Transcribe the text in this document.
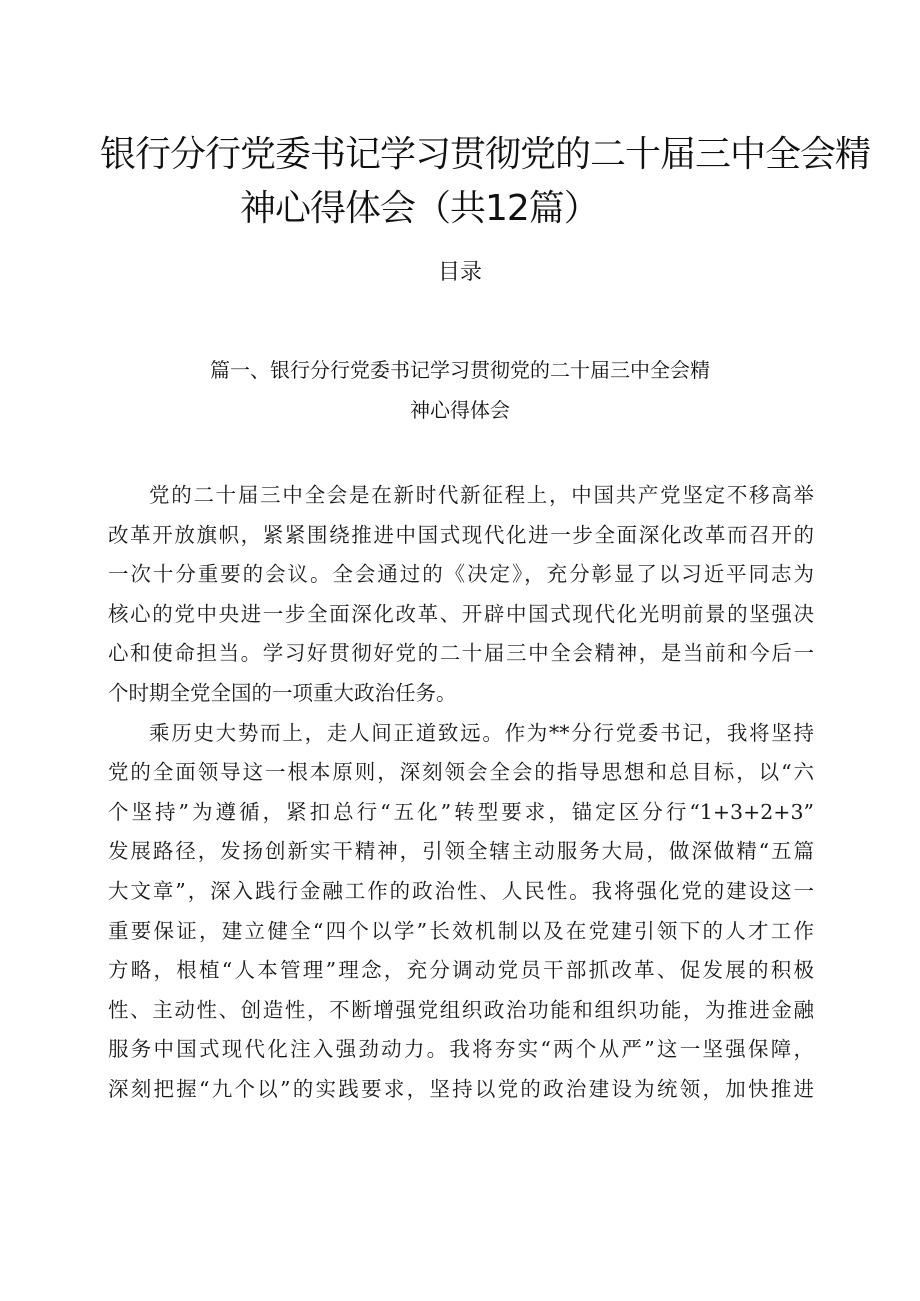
银行分行党委书记学习贯彻党的二十届三中全会精
神心得体会（共12篇）
目录
篇一、银行分行党委书记学习贯彻党的二十届三中全会精
神心得体会

党的二十届三中全会是在新时代新征程上，中国共产党坚定不移高举
改革开放旗帜，紧紧围绕推进中国式现代化进一步全面深化改革而召开的
一次十分重要的会议。全会通过的《决定》，充分彰显了以习近平同志为
核心的党中央进一步全面深化改革、开辟中国式现代化光明前景的坚强决
心和使命担当。学习好贯彻好党的二十届三中全会精神，是当前和今后一
个时期全党全国的一项重大政治任务。

乘历史大势而上，走人间正道致远。作为**分行党委书记，我将坚持
党的全面领导这一根本原则，深刻领会全会的指导思想和总目标，以“六
个坚持”为遵循，紧扣总行“五化”转型要求，锚定区分行“1+3+2+3”
发展路径，发扬创新实干精神，引领全辖主动服务大局，做深做精“五篇
大文章”，深入践行金融工作的政治性、人民性。我将强化党的建设这一
重要保证，建立健全“四个以学”长效机制以及在党建引领下的人才工作
方略，根植“人本管理”理念，充分调动党员干部抓改革、促发展的积极
性、主动性、创造性，不断增强党组织政治功能和组织功能，为推进金融
服务中国式现代化注入强劲动力。我将夯实“两个从严”这一坚强保障，
深刻把握“九个以”的实践要求，坚持以党的政治建设为统领，加快推进
